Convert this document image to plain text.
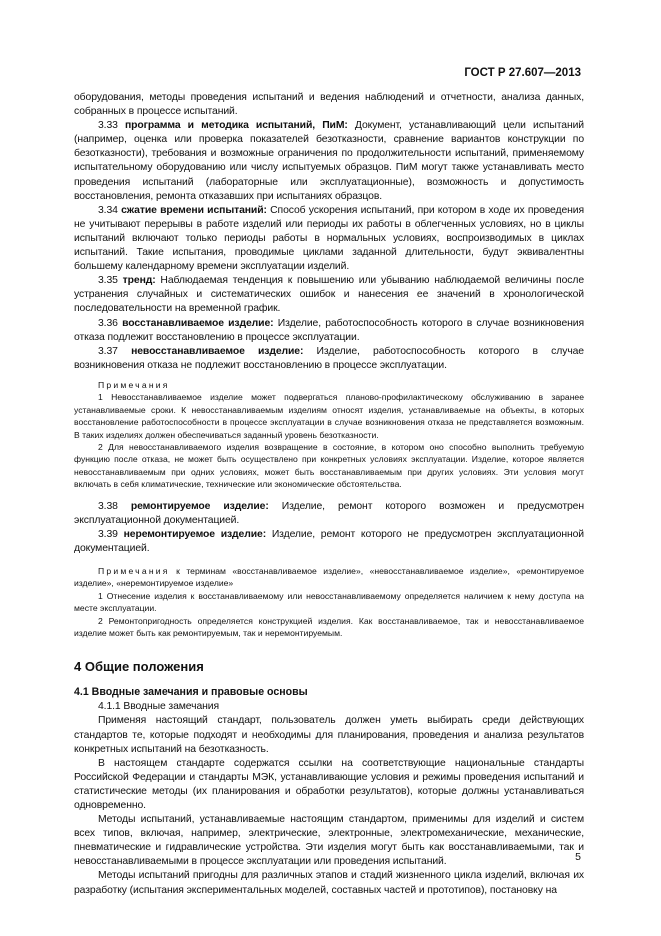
ГОСТ Р 27.607—2013

оборудования, методы проведения испытаний и ведения наблюдений и отчетности, анализа данных, собранных в процессе испытаний.

3.33 программа и методика испытаний, ПиМ: Документ, устанавливающий цели испытаний (например, оценка или проверка показателей безотказности, сравнение вариантов конструкции по безотказности), требования и возможные ограничения по продолжительности испытаний, применяемому испытательному оборудованию или числу испытуемых образцов. ПиМ могут также устанавливать место проведения испытаний (лабораторные или эксплуатационные), возможность и допустимость восстановления, ремонта отказавших при испытаниях образцов.

3.34 сжатие времени испытаний: Способ ускорения испытаний, при котором в ходе их проведения не учитывают перерывы в работе изделий или периоды их работы в облегченных условиях, но в циклы испытаний включают только периоды работы в нормальных условиях, воспроизводимых в циклах испытаний. Такие испытания, проводимые циклами заданной длительности, будут эквивалентны большему календарному времени эксплуатации изделий.

3.35 тренд: Наблюдаемая тенденция к повышению или убыванию наблюдаемой величины после устранения случайных и систематических ошибок и нанесения ее значений в хронологической последовательности на временной график.

3.36 восстанавливаемое изделие: Изделие, работоспособность которого в случае возникновения отказа подлежит восстановлению в процессе эксплуатации.

3.37 невосстанавливаемое изделие: Изделие, работоспособность которого в случае возникновения отказа не подлежит восстановлению в процессе эксплуатации.

Примечания

1 Невосстанавливаемое изделие может подвергаться планово-профилактическому обслуживанию в заранее устанавливаемые сроки. К невосстанавливаемым изделиям относят изделия, устанавливаемые на объекты, в которых восстановление работоспособности в процессе эксплуатации в случае возникновения отказа не представляется возможным. В таких изделиях должен обеспечиваться заданный уровень безотказности.

2 Для невосстанавливаемого изделия возвращение в состояние, в котором оно способно выполнить требуемую функцию после отказа, не может быть осуществлено при конкретных условиях эксплуатации. Изделие, которое является невосстанавливаемым при одних условиях, может быть восстанавливаемым при других условиях. Эти условия могут включать в себя климатические, технические или экономические обстоятельства.

3.38 ремонтируемое изделие: Изделие, ремонт которого возможен и предусмотрен эксплуатационной документацией.

3.39 неремонтируемое изделие: Изделие, ремонт которого не предусмотрен эксплуатационной документацией.

Примечания к терминам «восстанавливаемое изделие», «невосстанавливаемое изделие», «ремонтируемое изделие», «неремонтируемое изделие»

1 Отнесение изделия к восстанавливаемому или невосстанавливаемому определяется наличием к нему доступа на месте эксплуатации.

2 Ремонтопригодность определяется конструкцией изделия. Как восстанавливаемое, так и невосстанавливаемое изделие может быть как ремонтируемым, так и неремонтируемым.

4 Общие положения
4.1 Вводные замечания и правовые основы

4.1.1 Вводные замечания

Применяя настоящий стандарт, пользователь должен уметь выбирать среди действующих стандартов те, которые подходят и необходимы для планирования, проведения и анализа результатов конкретных испытаний на безотказность.

В настоящем стандарте содержатся ссылки на соответствующие национальные стандарты Российской Федерации и стандарты МЭК, устанавливающие условия и режимы проведения испытаний и статистические методы (их планирования и обработки результатов), которые должны устанавливаться одновременно.

Методы испытаний, устанавливаемые настоящим стандартом, применимы для изделий и систем всех типов, включая, например, электрические, электронные, электромеханические, механические, пневматические и гидравлические устройства. Эти изделия могут быть как восстанавливаемыми, так и невосстанавливаемыми в процессе эксплуатации или проведения испытаний.

Методы испытаний пригодны для различных этапов и стадий жизненного цикла изделий, включая их разработку (испытания экспериментальных моделей, составных частей и прототипов), постановку на

5
